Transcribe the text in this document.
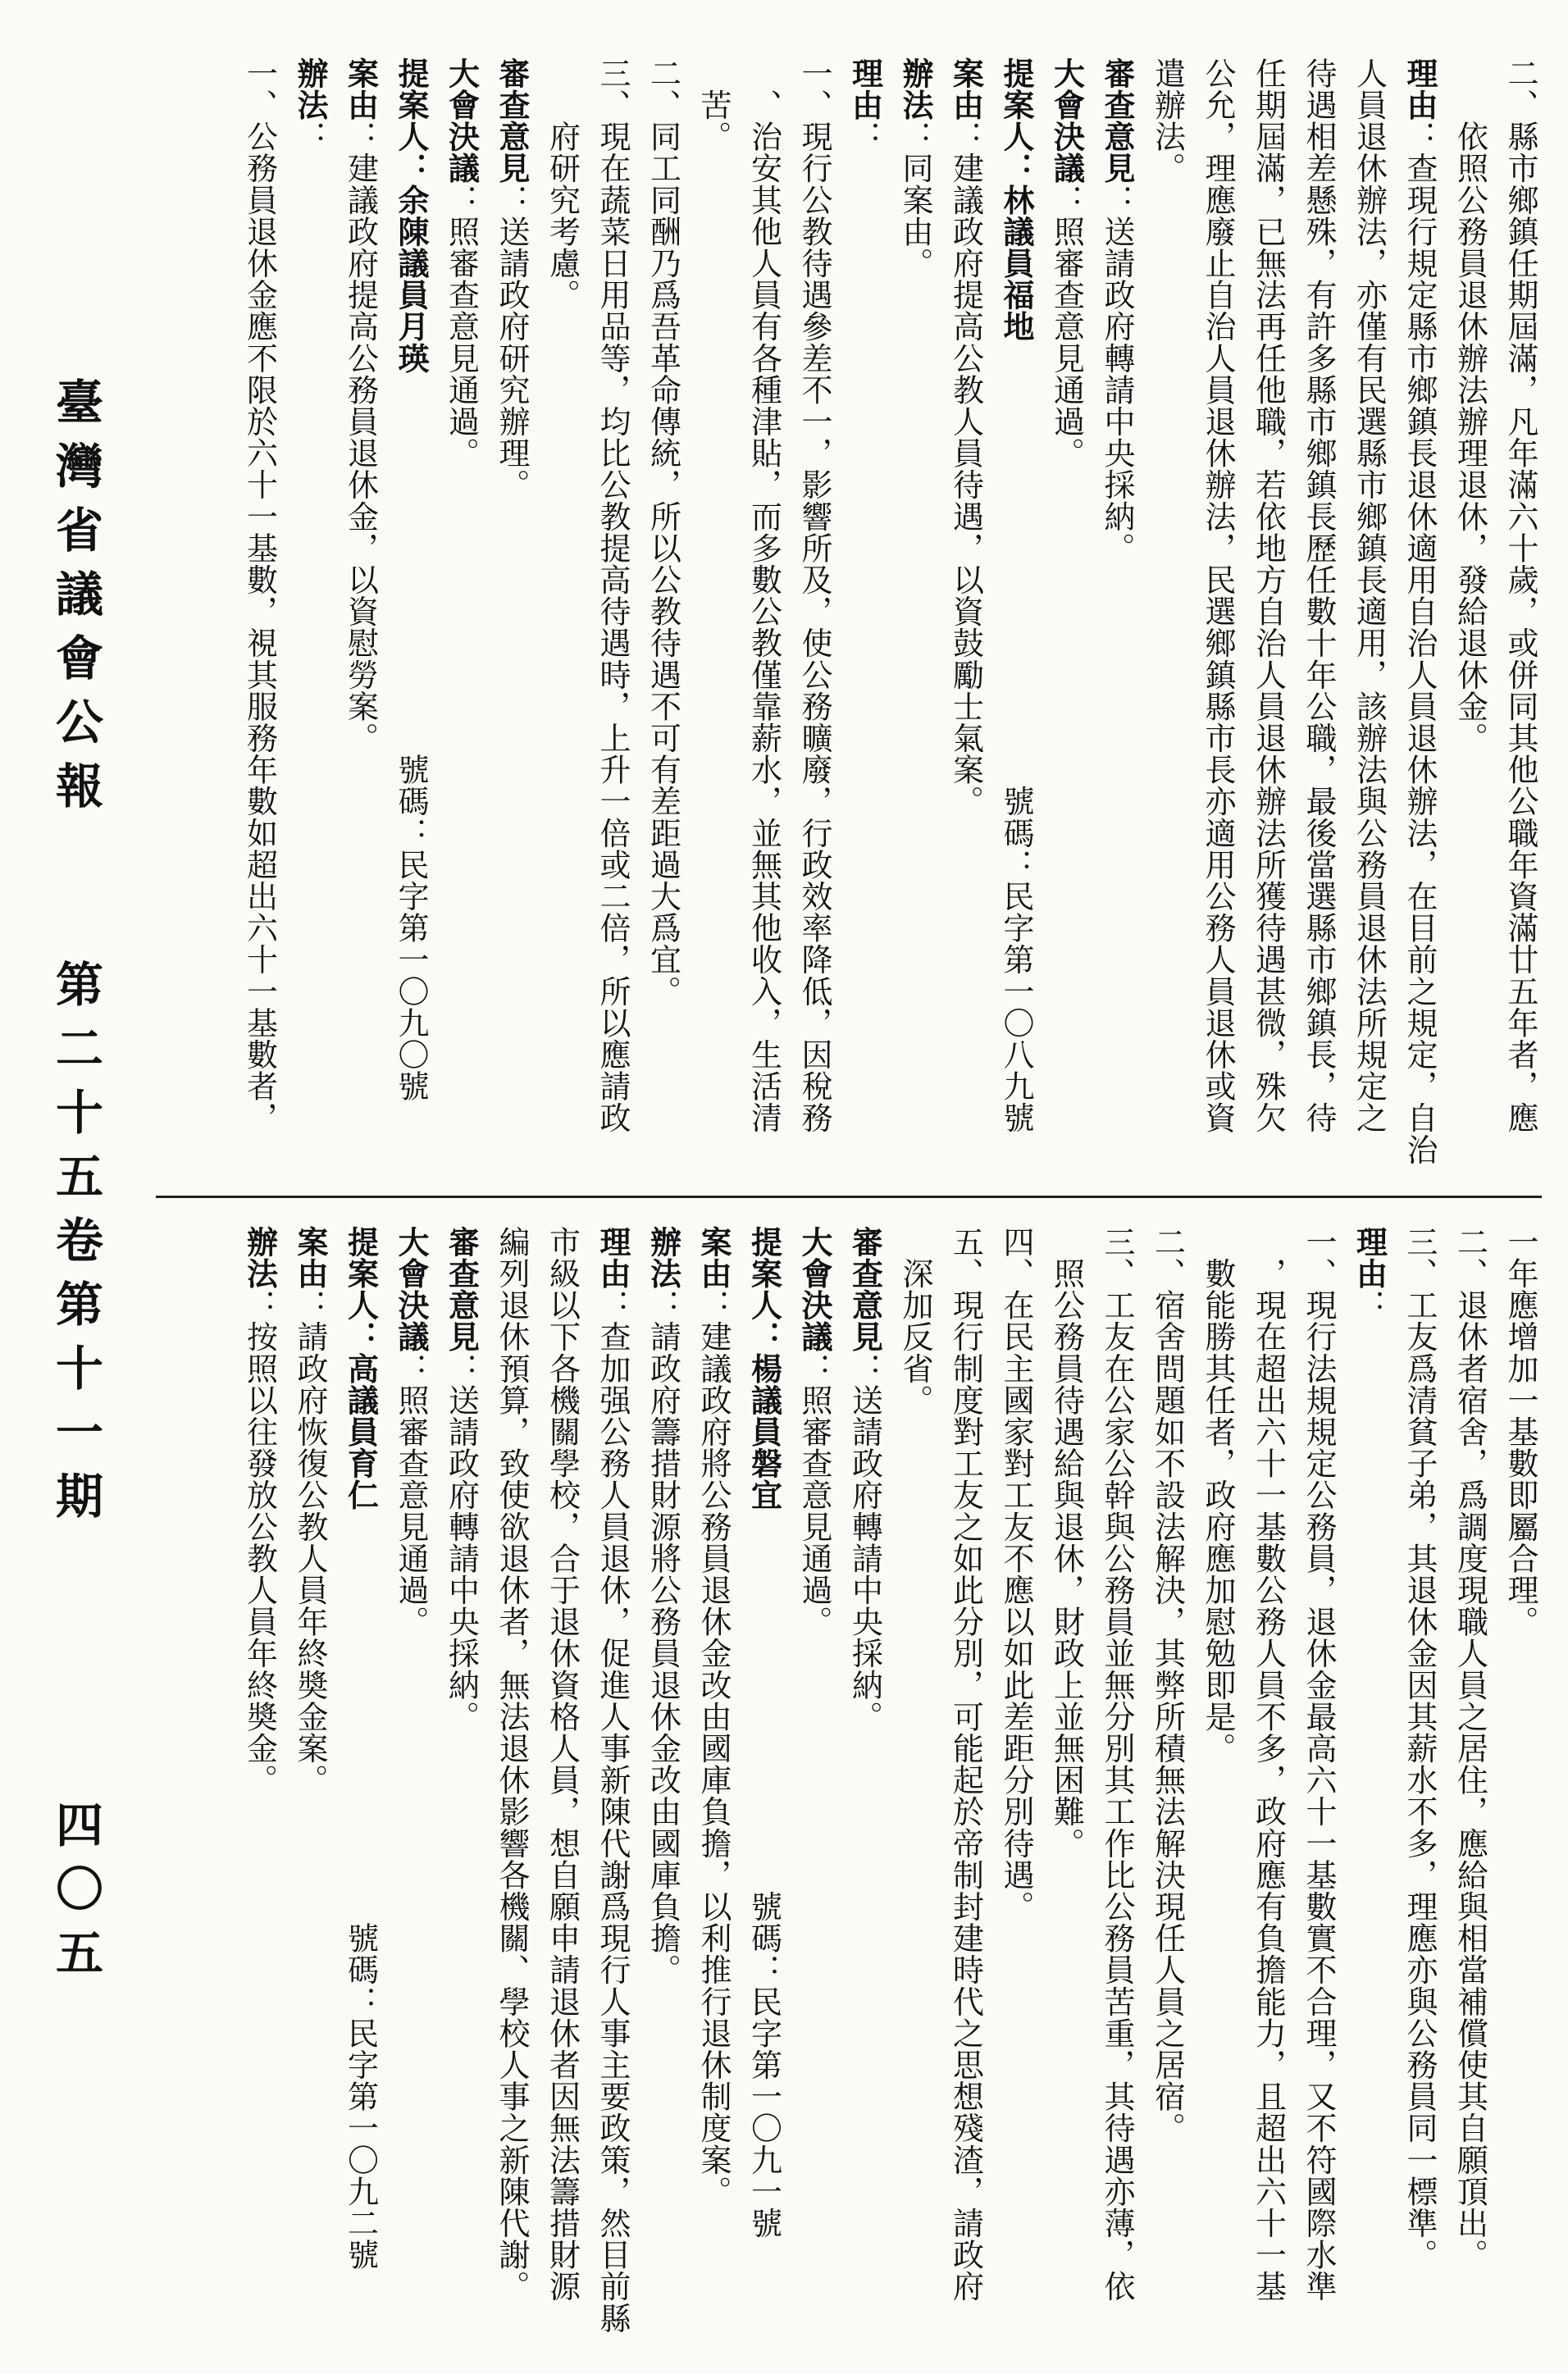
臺灣省議會公報
第二十五卷
第十一期
四〇五
二、縣市鄉鎮任期屆滿，凡年滿六十歲，或併同其他公職年資滿廿五年者，應
　　依照公務員退休辦法辦理退休，發給退休金。
理由：查現行規定縣市鄉鎮長退休適用自治人員退休辦法，在目前之規定，自治
人員退休辦法，亦僅有民選縣市鄉鎮長適用，該辦法與公務員退休法所規定之
待遇相差懸殊，有許多縣市鄉鎮長歷任數十年公職，最後當選縣市鄉鎮長，待
任期屆滿，已無法再任他職，若依地方自治人員退休辦法所獲待遇甚微，殊欠
公允，理應廢止自治人員退休辦法，民選鄉鎮縣市長亦適用公務人員退休或資
遣辦法。
審查意見：送請政府轉請中央採納。
大會決議：照審查意見通過。
提案人：林議員福地　　　　　　　　　　　　　　號碼：民字第一〇八九號
案由：建議政府提高公教人員待遇，以資鼓勵士氣案。
辦法：同案由。
理由：
一、現行公教待遇參差不一，影響所及，使公務曠廢，行政效率降低，因稅務
　、治安其他人員有各種津貼，而多數公教僅靠薪水，並無其他收入，生活清
　苦。
二、同工同酬乃爲吾革命傳統，所以公教待遇不可有差距過大爲宜。
三、現在蔬菜日用品等，均比公教提高待遇時，上升一倍或二倍，所以應請政
　　府研究考慮。
審查意見：送請政府研究辦理。
大會決議：照審查意見通過。
提案人：余陳議員月瑛　　　　　　　　　　　　號碼：民字第一〇九〇號
案由：建議政府提高公務員退休金，以資慰勞案。
辦法：
一、公務員退休金應不限於六十一基數，視其服務年數如超出六十一基數者，
一年應增加一基數即屬合理。
二、退休者宿舍，爲調度現職人員之居住，應給與相當補償使其自願頂出。
三、工友爲清貧子弟，其退休金因其薪水不多，理應亦與公務員同一標準。
理由：
一、現行法規規定公務員，退休金最高六十一基數實不合理，又不符國際水準
　，現在超出六十一基數公務人員不多，政府應有負擔能力，且超出六十一基
　數能勝其任者，政府應加慰勉即是。
二、宿舍問題如不設法解決，其弊所積無法解決現任人員之居宿。
三、工友在公家公幹與公務員並無分別其工作比公務員苦重，其待遇亦薄，依
　照公務員待遇給與退休，財政上並無困難。
四、在民主國家對工友不應以如此差距分別待遇。
五、現行制度對工友之如此分別，可能起於帝制封建時代之思想殘渣，請政府
　深加反省。
審查意見：送請政府轉請中央採納。
大會決議：照審查意見通過。
提案人：楊議員磐宜　　　　　　　　　　　　號碼：民字第一〇九一號
案由：建議政府將公務員退休金改由國庫負擔，以利推行退休制度案。
辦法：請政府籌措財源將公務員退休金改由國庫負擔。
理由：查加强公務人員退休，促進人事新陳代謝爲現行人事主要政策，然目前縣
市級以下各機關學校，合于退休資格人員，想自願申請退休者因無法籌措財源
編列退休預算，致使欲退休者，無法退休影響各機關、學校人事之新陳代謝。
審查意見：送請政府轉請中央採納。
大會決議：照審查意見通過。
提案人：高議員育仁　　　　　　　　　　　　　號碼：民字第一〇九二號
案由：請政府恢復公教人員年終奬金案。
辦法：按照以往發放公教人員年終奬金。
